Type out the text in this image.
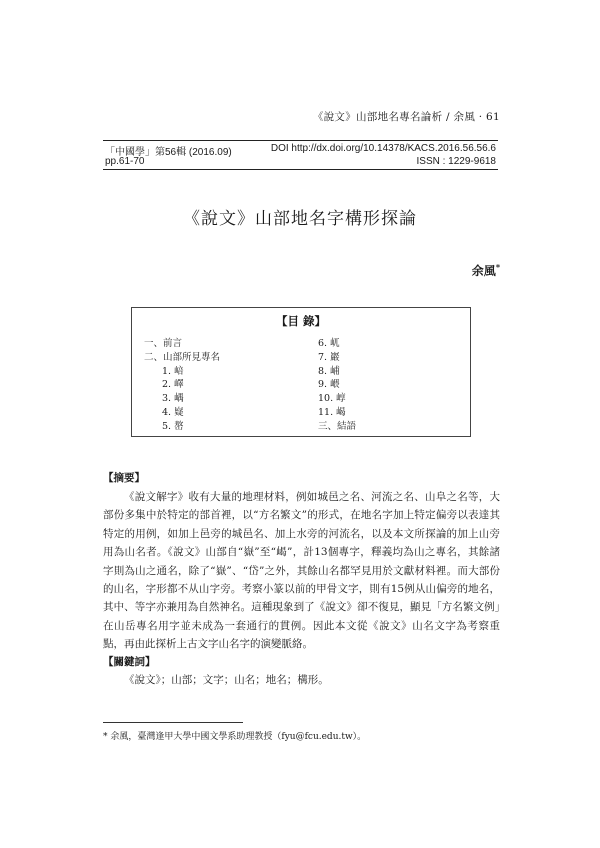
《說文》山部地名專名論析 / 余風 · 61
「中國學」第56輯 (2016.09)
pp.61-70
DOI http://dx.doi.org/10.14378/KACS.2016.56.56.6
ISSN : 1229-9618
《說文》山部地名字構形探論
余風*
【目 錄】
一、前言
二、山部所見專名
1. 㟝
2. 嶧
3. 嵎
4. 嶷
5. 嶅
6. 屼
7. 巖
8. 峬
9. 㟪
10. 崞
11. 嵑
三、結語
【摘要】
《說文解字》收有大量的地理材料，例如城邑之名、河流之名、山阜之名等，大部份多集中於特定的部首裡，以“方名繁文”的形式，在地名字加上特定偏旁以表達其特定的用例，如加上邑旁的城邑名、加上水旁的河流名，以及本文所探論的加上山旁用為山名者。《說文》山部自“嶽”至“嵑”，計13個專字，釋義均為山之專名，其餘諸字則為山之通名，除了“嶽”、“岱”之外，其餘山名都罕見用於文獻材料裡。而大部份的山名，字形都不从山字旁。考察小篆以前的甲骨文字，則有15例从山偏旁的地名，其中、等字亦兼用為自然神名。這種現象到了《說文》卻不復見，顯見「方名繁文例」在山岳專名用字並未成為一套通行的貫例。因此本文從《說文》山名文字為考察重點，再由此探析上古文字山名字的演變脈絡。
【關鍵詞】
《說文》；山部；文字；山名；地名；構形。
* 余風，臺灣逢甲大學中國文學系助理教授（fyu@fcu.edu.tw）。
